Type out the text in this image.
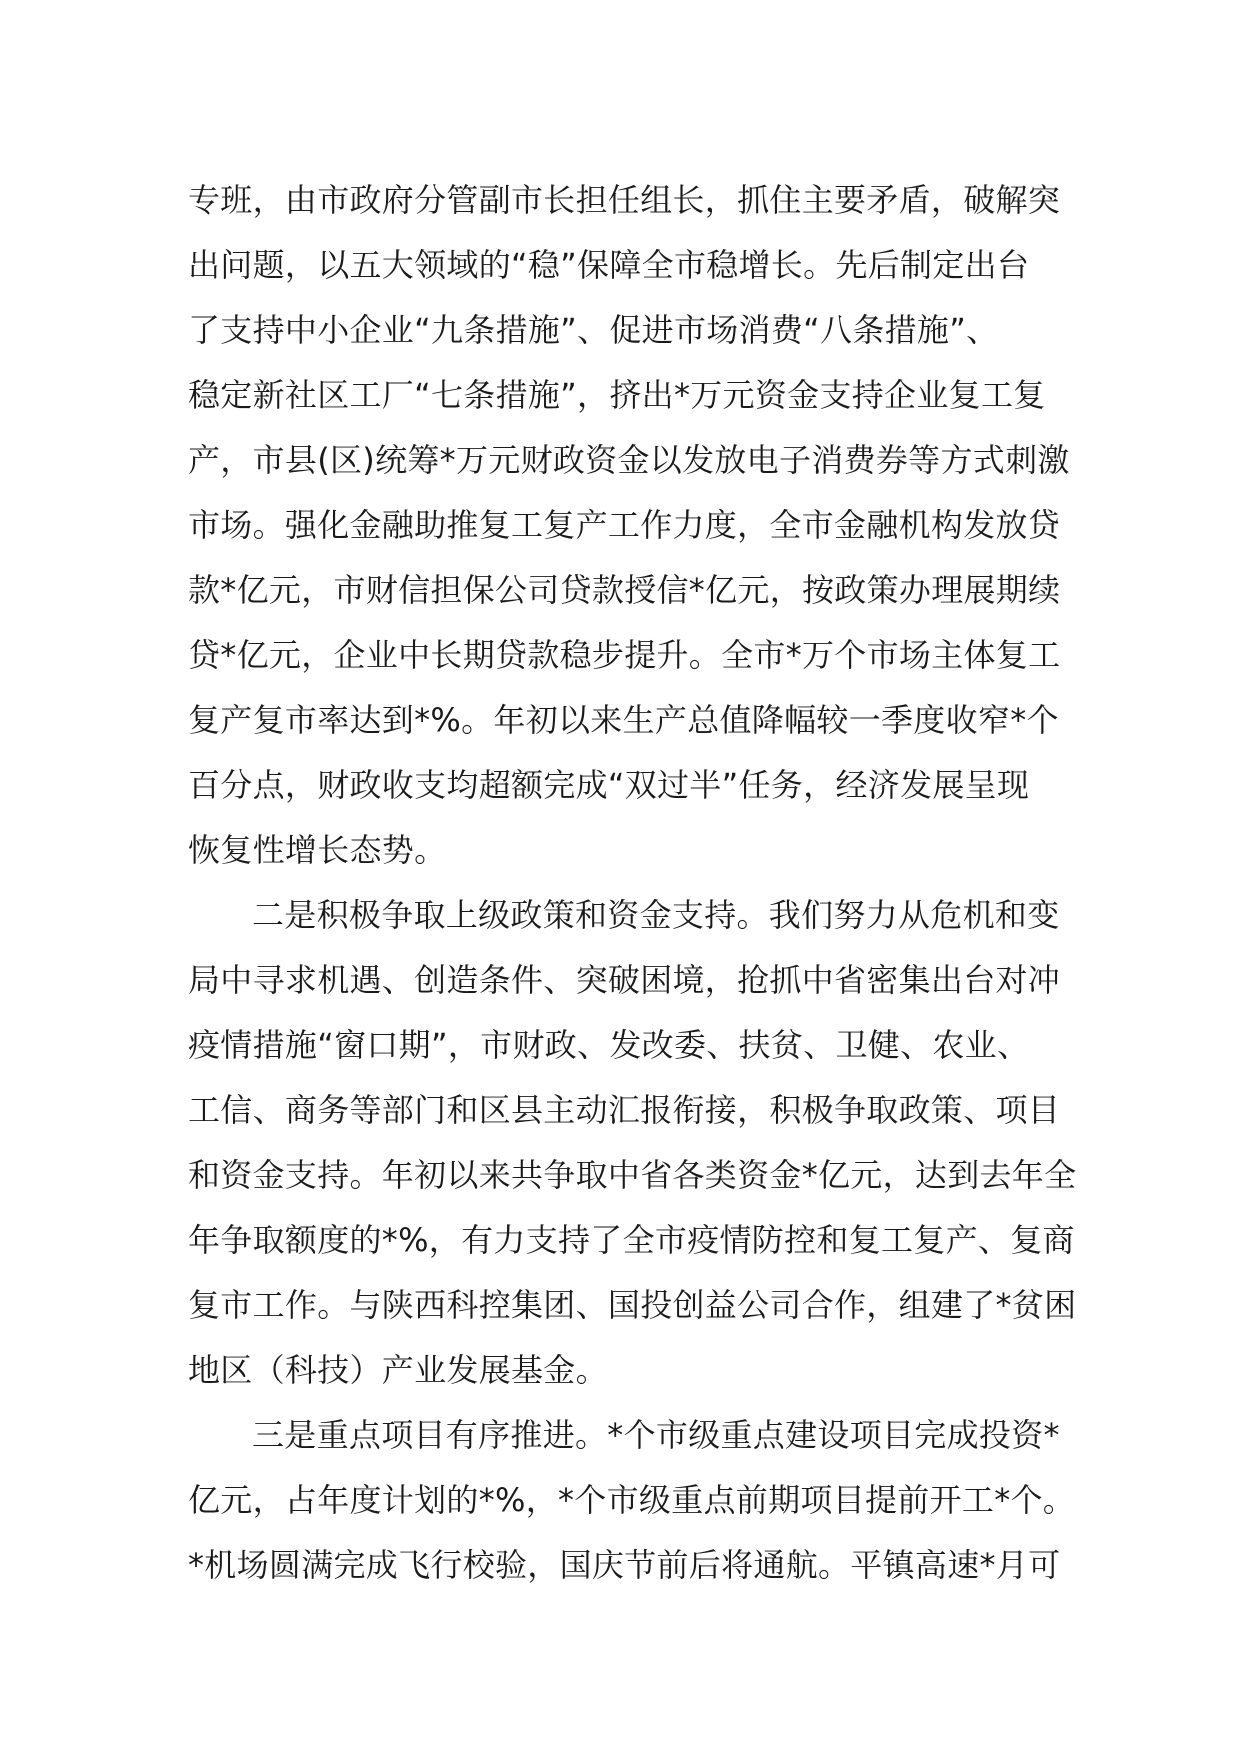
专班，由市政府分管副市长担任组长，抓住主要矛盾，破解突
出问题，以五大领域的“稳”保障全市稳增长。先后制定出台
了支持中小企业“九条措施”、促进市场消费“八条措施”、
稳定新社区工厂“七条措施”，挤出*万元资金支持企业复工复
产，市县(区)统筹*万元财政资金以发放电子消费券等方式刺激
市场。强化金融助推复工复产工作力度，全市金融机构发放贷
款*亿元，市财信担保公司贷款授信*亿元，按政策办理展期续
贷*亿元，企业中长期贷款稳步提升。全市*万个市场主体复工
复产复市率达到*%。年初以来生产总值降幅较一季度收窄*个
百分点，财政收支均超额完成“双过半”任务，经济发展呈现
恢复性增长态势。
二是积极争取上级政策和资金支持。我们努力从危机和变
局中寻求机遇、创造条件、突破困境，抢抓中省密集出台对冲
疫情措施“窗口期”，市财政、发改委、扶贫、卫健、农业、
工信、商务等部门和区县主动汇报衔接，积极争取政策、项目
和资金支持。年初以来共争取中省各类资金*亿元，达到去年全
年争取额度的*%，有力支持了全市疫情防控和复工复产、复商
复市工作。与陕西科控集团、国投创益公司合作，组建了*贫困
地区（科技）产业发展基金。
三是重点项目有序推进。*个市级重点建设项目完成投资*
亿元，占年度计划的*%，*个市级重点前期项目提前开工*个。
*机场圆满完成飞行校验，国庆节前后将通航。平镇高速*月可
